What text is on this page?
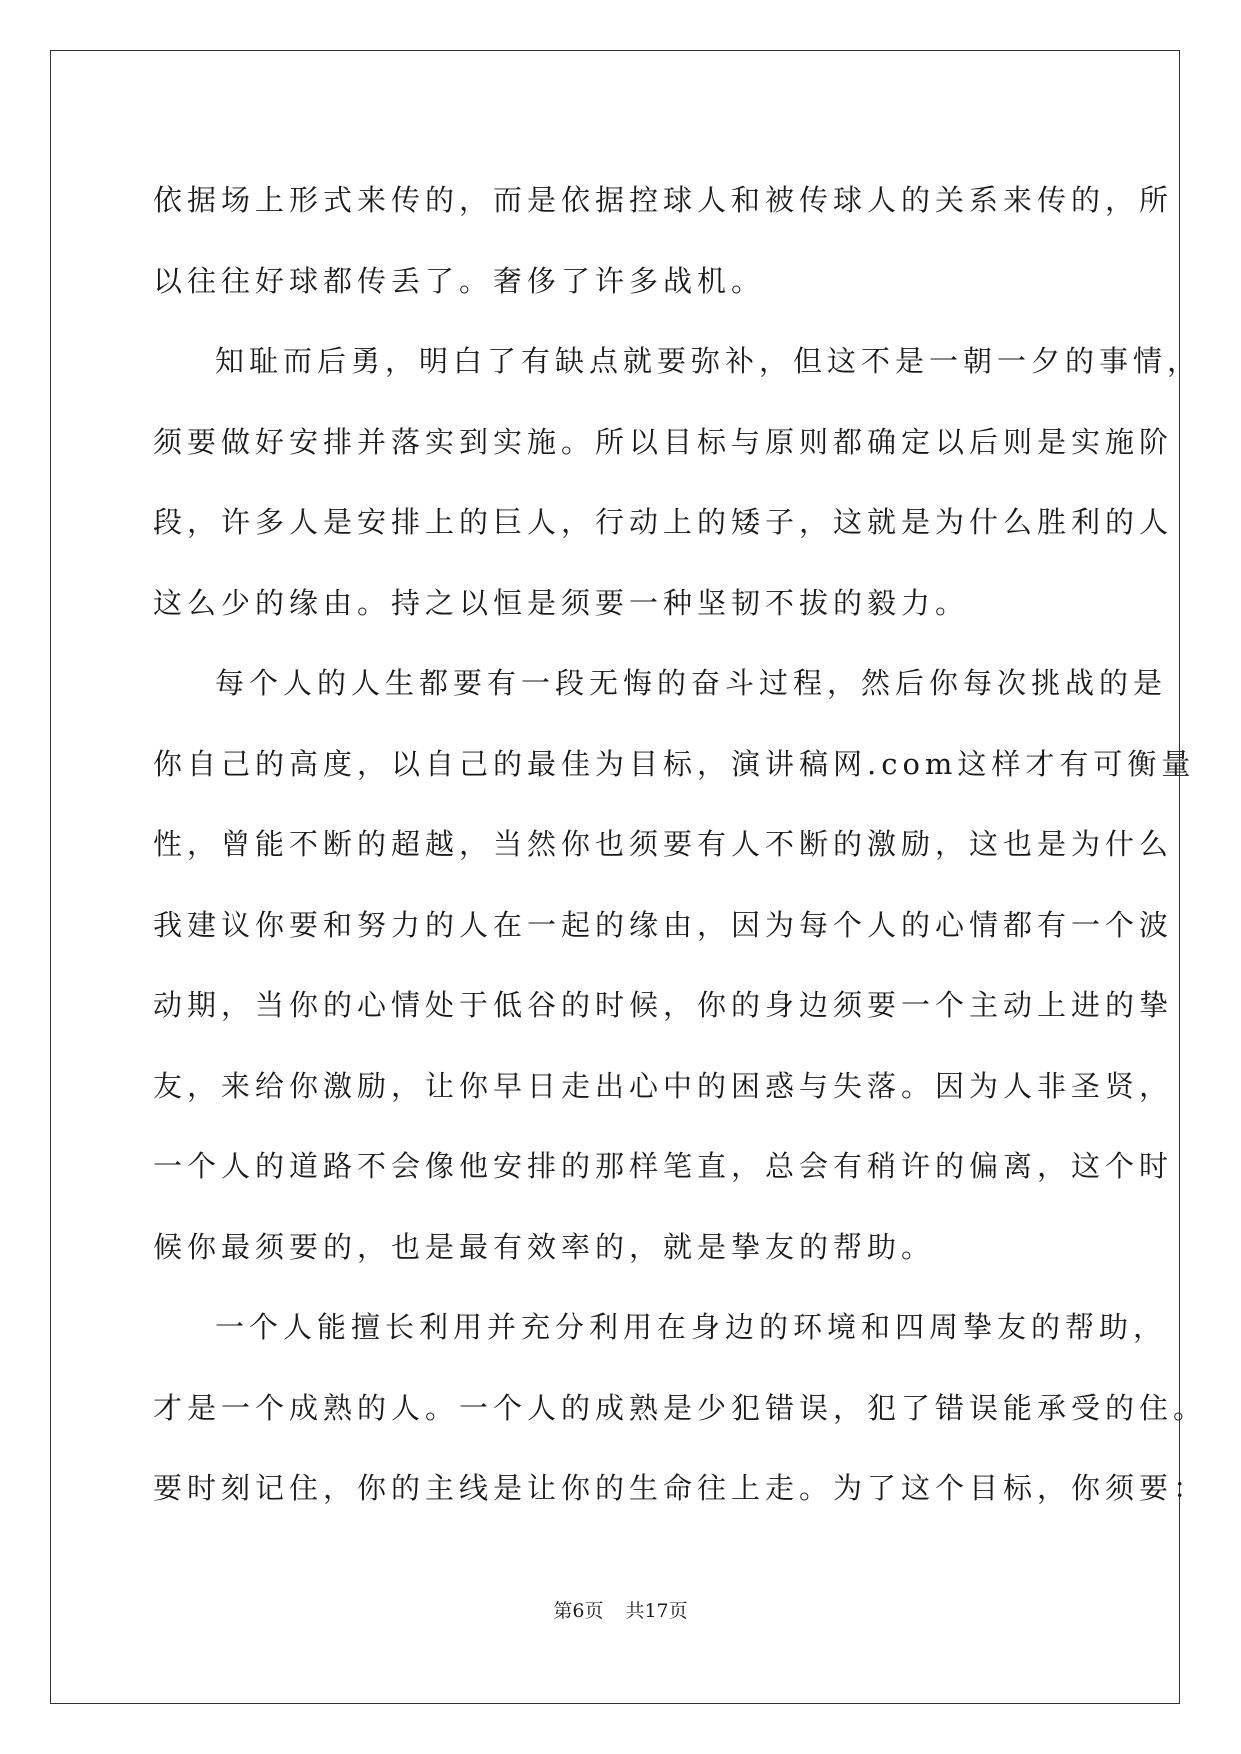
依据场上形式来传的，而是依据控球人和被传球人的关系来传的，所
以往往好球都传丢了。奢侈了许多战机。
知耻而后勇，明白了有缺点就要弥补，但这不是一朝一夕的事情，
须要做好安排并落实到实施。所以目标与原则都确定以后则是实施阶
段，许多人是安排上的巨人，行动上的矮子，这就是为什么胜利的人
这么少的缘由。持之以恒是须要一种坚韧不拔的毅力。
每个人的人生都要有一段无悔的奋斗过程，然后你每次挑战的是
你自己的高度，以自己的最佳为目标，演讲稿网.com这样才有可衡量
性，曾能不断的超越，当然你也须要有人不断的激励，这也是为什么
我建议你要和努力的人在一起的缘由，因为每个人的心情都有一个波
动期，当你的心情处于低谷的时候，你的身边须要一个主动上进的挚
友，来给你激励，让你早日走出心中的困惑与失落。因为人非圣贤，
一个人的道路不会像他安排的那样笔直，总会有稍许的偏离，这个时
候你最须要的，也是最有效率的，就是挚友的帮助。
一个人能擅长利用并充分利用在身边的环境和四周挚友的帮助，
才是一个成熟的人。一个人的成熟是少犯错误，犯了错误能承受的住。
要时刻记住，你的主线是让你的生命往上走。为了这个目标，你须要：
第6页 共17页
